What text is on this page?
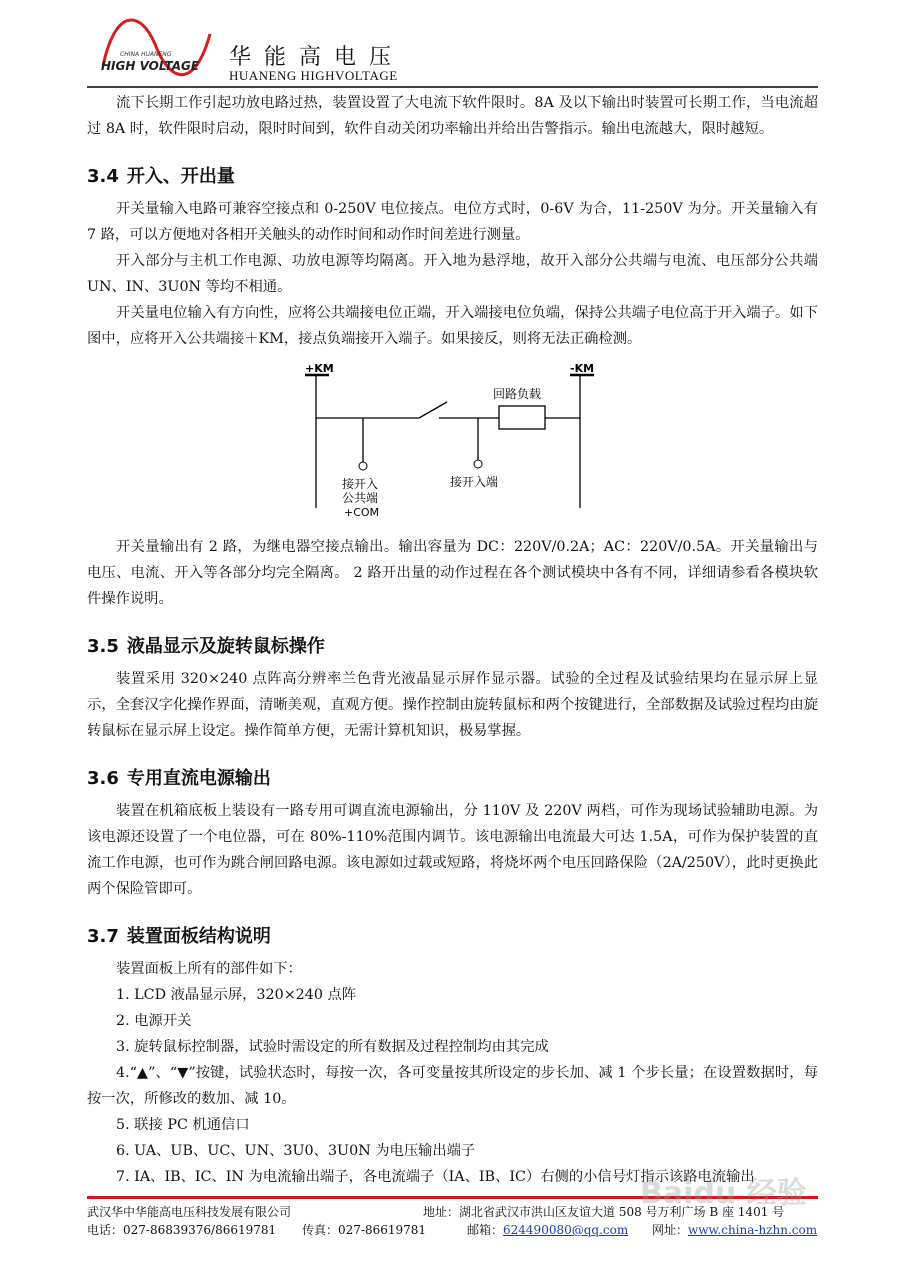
CHINA HUANENG
HIGH VOLTAGE 华能高电压
HUANENG HIGHVOLTAGE

流下长期工作引起功放电路过热，装置设置了大电流下软件限时。8A 及以下输出时装置可长期工作，当电流超过 8A 时，软件限时启动，限时时间到，软件自动关闭功率输出并给出告警指示。输出电流越大，限时越短。

3.4 开入、开出量

开关量输入电路可兼容空接点和 0-250V 电位接点。电位方式时，0-6V 为合，11-250V 为分。开关量输入有 7 路，可以方便地对各相开关触头的动作时间和动作时间差进行测量。

开入部分与主机工作电源、功放电源等均隔离。开入地为悬浮地，故开入部分公共端与电流、电压部分公共端 UN、IN、3U0N 等均不相通。

开关量电位输入有方向性，应将公共端接电位正端，开入端接电位负端，保持公共端子电位高于开入端子。如下图中，应将开入公共端接＋KM，接点负端接开入端子。如果接反，则将无法正确检测。

+KM	-KM
回路负载
接开入
公共端
+COM
接开入端

开关量输出有 2 路，为继电器空接点输出。输出容量为 DC：220V/0.2A；AC：220V/0.5A。开关量输出与电压、电流、开入等各部分均完全隔离。 2 路开出量的动作过程在各个测试模块中各有不同，详细请参看各模块软件操作说明。

3.5 液晶显示及旋转鼠标操作

装置采用 320×240 点阵高分辨率兰色背光液晶显示屏作显示器。试验的全过程及试验结果均在显示屏上显示，全套汉字化操作界面，清晰美观，直观方便。操作控制由旋转鼠标和两个按键进行，全部数据及试验过程均由旋转鼠标在显示屏上设定。操作简单方便，无需计算机知识，极易掌握。

3.6 专用直流电源输出

装置在机箱底板上装设有一路专用可调直流电源输出，分 110V 及 220V 两档，可作为现场试验辅助电源。为该电源还设置了一个电位器，可在 80%-110%范围内调节。该电源输出电流最大可达 1.5A，可作为保护装置的直流工作电源，也可作为跳合闸回路电源。该电源如过载或短路，将烧坏两个电压回路保险（2A/250V），此时更换此两个保险管即可。

3.7 装置面板结构说明

装置面板上所有的部件如下：

1. LCD 液晶显示屏，320×240 点阵

2. 电源开关

3. 旋转鼠标控制器，试验时需设定的所有数据及过程控制均由其完成

4.“▲”、“▼”按键，试验状态时，每按一次，各可变量按其所设定的步长加、减 1 个步长量；在设置数据时，每按一次，所修改的数加、减 10。

5. 联接 PC 机通信口

6. UA、UB、UC、UN、3U0、3U0N 为电压输出端子

7. IA、IB、IC、IN 为电流输出端子，各电流端子（IA、IB、IC）右侧的小信号灯指示该路电流输出

武汉华中华能高电压科技发展有限公司	地址：湖北省武汉市洪山区友谊大道 508 号万利广场 B 座 1401 号
电话：027-86839376/86619781 传真：027-86619781	邮箱：624490080@qq.com 网址：www.china-hzhn.com
Baidu 经验
